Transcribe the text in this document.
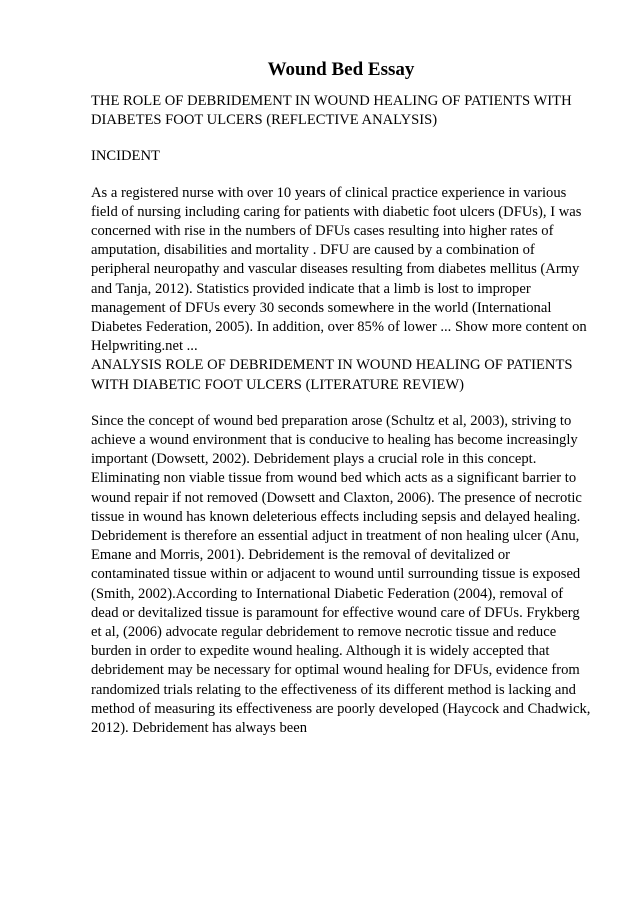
Wound Bed Essay

THE ROLE OF DEBRIDEMENT IN WOUND HEALING OF PATIENTS WITH DIABETES FOOT ULCERS (REFLECTIVE ANALYSIS)

INCIDENT

As a registered nurse with over 10 years of clinical practice experience in various field of nursing including caring for patients with diabetic foot ulcers (DFUs), I was concerned with rise in the numbers of DFUs cases resulting into higher rates of amputation, disabilities and mortality . DFU are caused by a combination of peripheral neuropathy and vascular diseases resulting from diabetes mellitus (Army and Tanja, 2012). Statistics provided indicate that a limb is lost to improper management of DFUs every 30 seconds somewhere in the world (International Diabetes Federation, 2005). In addition, over 85% of lower ... Show more content on Helpwriting.net ...

ANALYSIS ROLE OF DEBRIDEMENT IN WOUND HEALING OF PATIENTS WITH DIABETIC FOOT ULCERS (LITERATURE REVIEW)

Since the concept of wound bed preparation arose (Schultz et al, 2003), striving to achieve a wound environment that is conducive to healing has become increasingly important (Dowsett, 2002). Debridement plays a crucial role in this concept. Eliminating non viable tissue from wound bed which acts as a significant barrier to wound repair if not removed (Dowsett and Claxton, 2006). The presence of necrotic tissue in wound has known deleterious effects including sepsis and delayed healing. Debridement is therefore an essential adjuct in treatment of non healing ulcer (Anu, Emane and Morris, 2001). Debridement is the removal of devitalized or contaminated tissue within or adjacent to wound until surrounding tissue is exposed (Smith, 2002).According to International Diabetic Federation (2004), removal of dead or devitalized tissue is paramount for effective wound care of DFUs. Frykberg et al, (2006) advocate regular debridement to remove necrotic tissue and reduce burden in order to expedite wound healing. Although it is widely accepted that debridement may be necessary for optimal wound healing for DFUs, evidence from randomized trials relating to the effectiveness of its different method is lacking and method of measuring its effectiveness are poorly developed (Haycock and Chadwick, 2012). Debridement has always been
